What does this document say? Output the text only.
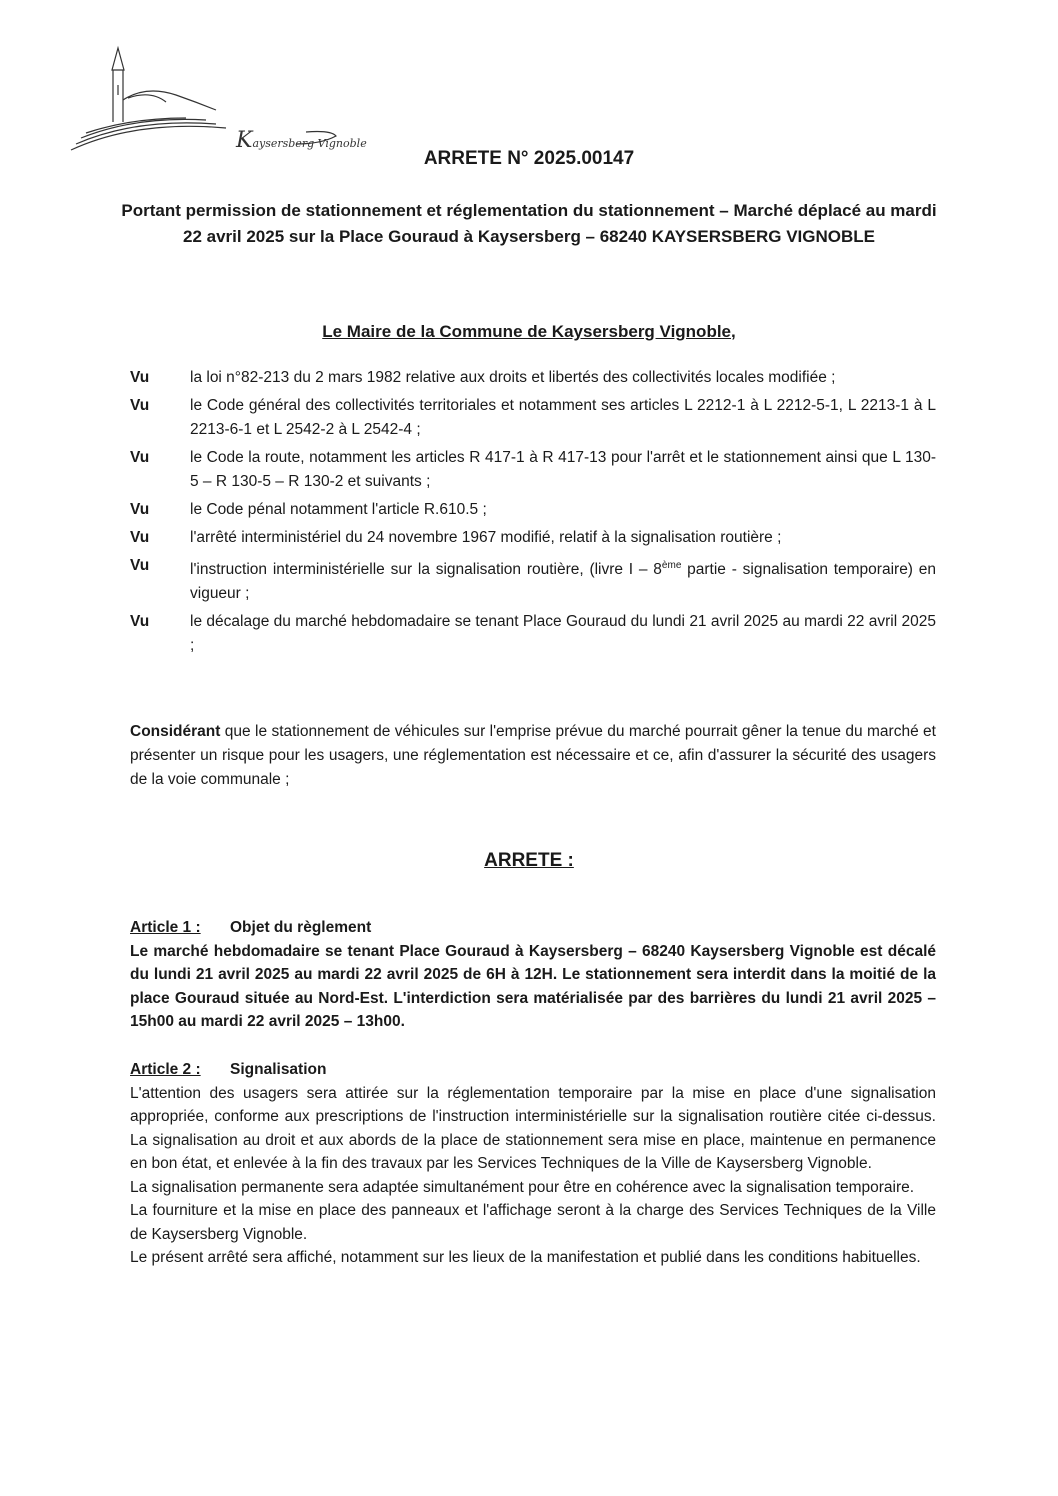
Kaysersberg Vignoble
ARRETE N° 2025.00147
Portant permission de stationnement et réglementation du stationnement – Marché déplacé au mardi 22 avril 2025 sur la Place Gouraud à Kaysersberg – 68240 KAYSERSBERG VIGNOBLE
Le Maire de la Commune de Kaysersberg Vignoble,
Vu	la loi n°82-213 du 2 mars 1982 relative aux droits et libertés des collectivités locales modifiée ;
Vu	le Code général des collectivités territoriales et notamment ses articles L 2212-1 à L 2212-5-1, L 2213-1 à L 2213-6-1 et L 2542-2 à L 2542-4 ;
Vu	le Code la route, notamment les articles R 417-1 à R 417-13 pour l'arrêt et le stationnement ainsi que L 130-5 – R 130-5 – R 130-2 et suivants ;
Vu	le Code pénal notamment l'article R.610.5 ;
Vu	l'arrêté interministériel du 24 novembre 1967 modifié, relatif à la signalisation routière ;
Vu	l'instruction interministérielle sur la signalisation routière, (livre I – 8ème partie - signalisation temporaire) en vigueur ;
Vu	le décalage du marché hebdomadaire se tenant Place Gouraud du lundi 21 avril 2025 au mardi 22 avril 2025 ;
Considérant que le stationnement de véhicules sur l'emprise prévue du marché pourrait gêner la tenue du marché et présenter un risque pour les usagers, une réglementation est nécessaire et ce, afin d'assurer la sécurité des usagers de la voie communale ;
ARRETE :
Article 1 :	Objet du règlement

Le marché hebdomadaire se tenant Place Gouraud à Kaysersberg – 68240 Kaysersberg Vignoble est décalé du lundi 21 avril 2025 au mardi 22 avril 2025 de 6H à 12H. Le stationnement sera interdit dans la moitié de la place Gouraud située au Nord-Est. L'interdiction sera matérialisée par des barrières du lundi 21 avril 2025 – 15h00 au mardi 22 avril 2025 – 13h00.

Article 2 :	Signalisation

L'attention des usagers sera attirée sur la réglementation temporaire par la mise en place d'une signalisation appropriée, conforme aux prescriptions de l'instruction interministérielle sur la signalisation routière citée ci-dessus. La signalisation au droit et aux abords de la place de stationnement sera mise en place, maintenue en permanence en bon état, et enlevée à la fin des travaux par les Services Techniques de la Ville de Kaysersberg Vignoble.

La signalisation permanente sera adaptée simultanément pour être en cohérence avec la signalisation temporaire.

La fourniture et la mise en place des panneaux et l'affichage seront à la charge des Services Techniques de la Ville de Kaysersberg Vignoble.

Le présent arrêté sera affiché, notamment sur les lieux de la manifestation et publié dans les conditions habituelles.
